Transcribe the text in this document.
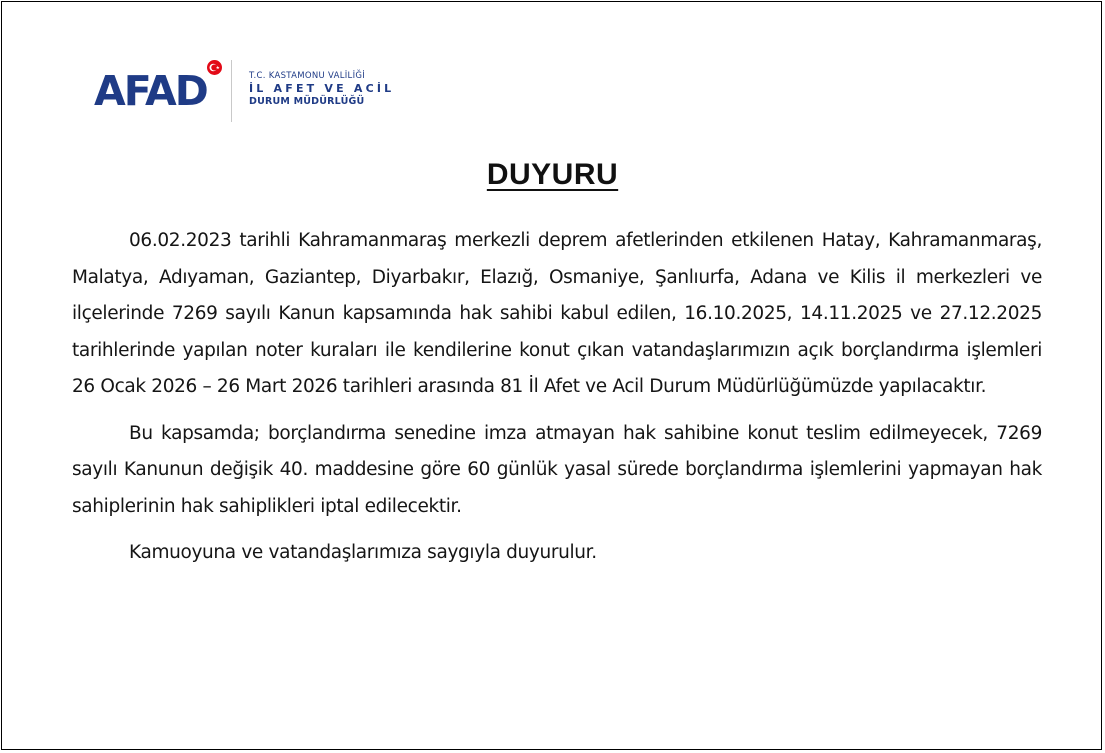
AFAD	T.C. KASTAMONU VALİLİĞİ
İL AFET VE ACİL
DURUM MÜDÜRLÜĞÜ
DUYURU

06.02.2023 tarihli Kahramanmaraş merkezli deprem afetlerinden etkilenen Hatay, Kahramanmaraş, Malatya, Adıyaman, Gaziantep, Diyarbakır, Elazığ, Osmaniye, Şanlıurfa, Adana ve Kilis il merkezleri ve ilçelerinde 7269 sayılı Kanun kapsamında hak sahibi kabul edilen, 16.10.2025, 14.11.2025 ve 27.12.2025 tarihlerinde yapılan noter kuraları ile kendilerine konut çıkan vatandaşlarımızın açık borçlandırma işlemleri 26 Ocak 2026 – 26 Mart 2026 tarihleri arasında 81 İl Afet ve Acil Durum Müdürlüğümüzde yapılacaktır.

Bu kapsamda; borçlandırma senedine imza atmayan hak sahibine konut teslim edilmeyecek, 7269 sayılı Kanunun değişik 40. maddesine göre 60 günlük yasal sürede borçlandırma işlemlerini yapmayan hak sahiplerinin hak sahiplikleri iptal edilecektir.

Kamuoyuna ve vatandaşlarımıza saygıyla duyurulur.
